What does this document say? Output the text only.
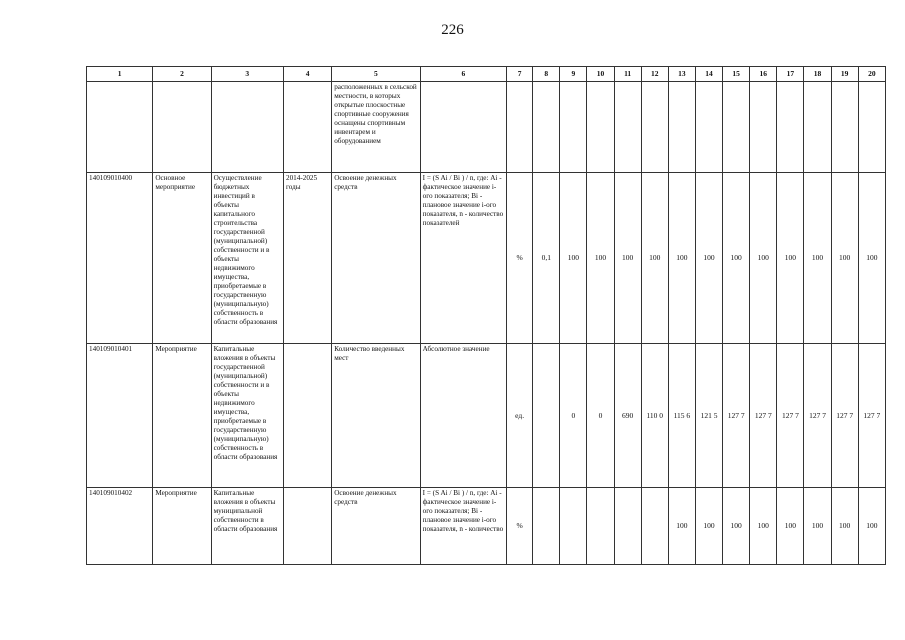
226
1	2	3	4	5	6	7	8	9	10	11	12	13	14	15	16	17	18	19	20
				расположенных в сельской местности, в которых открытые плоскостные спортивные сооружения оснащены спортивным инвентарем и оборудованием															
140109010400	Основное мероприятие	Осуществление бюджетных инвестиций в объекты капитального строительства государственной (муниципальной) собственности и в объекты недвижимого имущества, приобретаемые в государственную (муниципальную) собственность в области образования	2014-2025 годы	Освоение денежных средств	I = (S Ai / Bi ) / n, где: Ai - фактическое значение i-ого показателя; Bi - плановое значение i-ого показателя, n - количество показателей	%	0,1	100	100	100	100	100	100	100	100	100	100	100	100
140109010401	Мероприятие	Капитальные вложения в объекты государственной (муниципальной) собственности и в объекты недвижимого имущества, приобретаемые в государственную (муниципальную) собственность в области образования		Количество введенных мест	Абсолютное значение	ед.		0	0	690	110 0	115 6	121 5	127 7	127 7	127 7	127 7	127 7	127 7
140109010402	Мероприятие	Капитальные вложения в объекты муниципальной собственности в области образования		Освоение денежных средств	I = (S Ai / Bi ) / n, где: Ai - фактическое значение i-ого показателя; Bi - плановое значение i-ого показателя, n - количество	%						100	100	100	100	100	100	100	100
